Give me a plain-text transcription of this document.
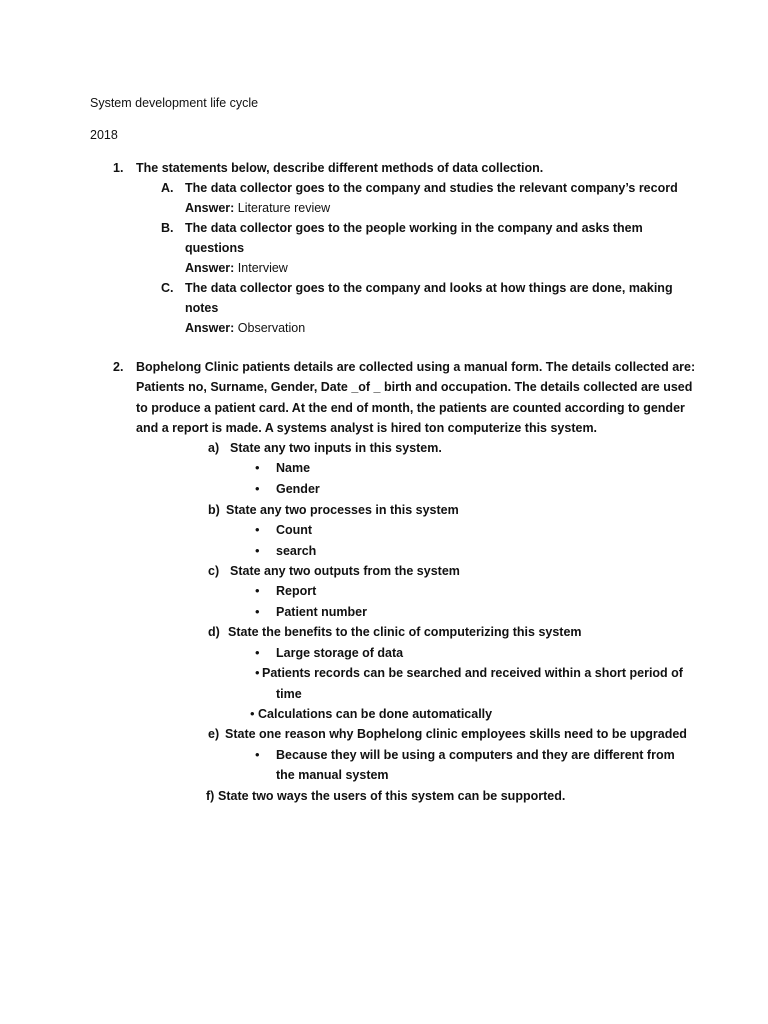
System development life cycle
2018
1. The statements below, describe different methods of data collection.
A. The data collector goes to the company and studies the relevant company’s record
Answer: Literature review
B. The data collector goes to the people working in the company and asks them
questions
Answer: Interview
C. The data collector goes to the company and looks at how things are done, making
notes
Answer: Observation
2. Bophelong Clinic patients details are collected using a manual form. The details collected are:
Patients no, Surname, Gender, Date _of _ birth and occupation. The details collected are used
to produce a patient card. At the end of month, the patients are counted according to gender
and a report is made. A systems analyst is hired ton computerize this system.
a) State any two inputs in this system.
• Name
• Gender
b) State any two processes in this system
• Count
• search
c) State any two outputs from the system
• Report
• Patient number
d) State the benefits to the clinic of computerizing this system
• Large storage of data
• Patients records can be searched and received within a short period of
time
• Calculations can be done automatically
e) State one reason why Bophelong clinic employees skills need to be upgraded
• Because they will be using a computers and they are different from
the manual system
f) State two ways the users of this system can be supported.
